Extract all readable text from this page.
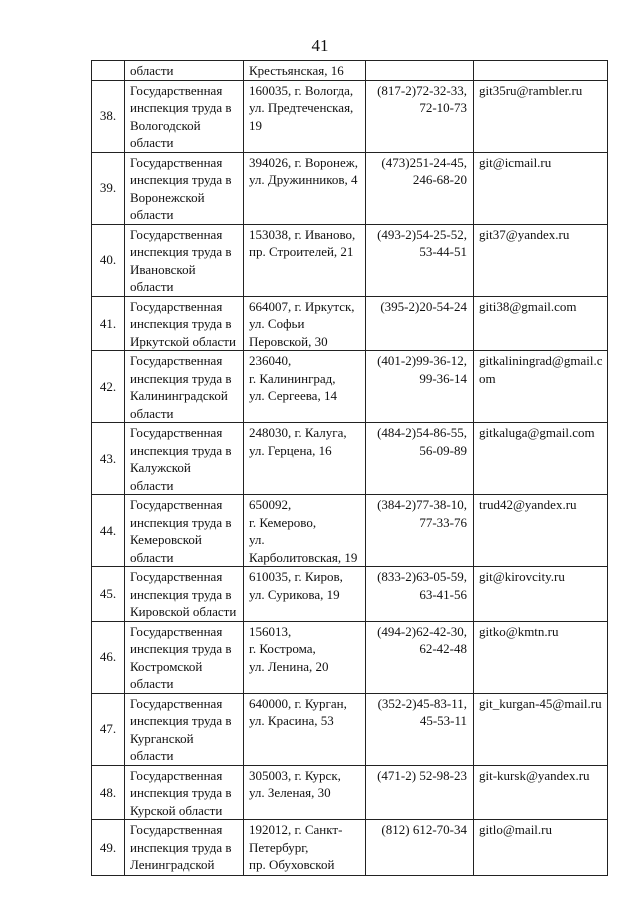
41

	области	Крестьянская, 16		

38.	Государственная
инспекция труда в
Вологодской
области	160035, г. Вологда,
ул. Предтеченская,
19	(817-2)72-32-33,
72-10-73	git35ru@rambler.ru

39.	Государственная
инспекция труда в
Воронежской
области	394026, г. Воронеж,
ул. Дружинников, 4	(473)251-24-45,
246-68-20	git@icmail.ru

40.	Государственная
инспекция труда в
Ивановской
области	153038, г. Иваново,
пр. Строителей, 21	(493-2)54-25-52,
53-44-51	git37@yandex.ru

41.	Государственная
инспекция труда в
Иркутской области	664007, г. Иркутск,
ул. Софьи
Перовской, 30	(395-2)20-54-24	giti38@gmail.com

42.	Государственная
инспекция труда в
Калининградской
области	236040,
г. Калининград,
ул. Сергеева, 14	(401-2)99-36-12,
99-36-14	gitkaliningrad@gmail.c
om

43.	Государственная
инспекция труда в
Калужской
области	248030, г. Калуга,
ул. Герцена, 16	(484-2)54-86-55,
56-09-89	gitkaluga@gmail.com

44.	Государственная
инспекция труда в
Кемеровской
области	650092,
г. Кемерово,
ул.
Карболитовская, 19	(384-2)77-38-10,
77-33-76	trud42@yandex.ru

45.	Государственная
инспекция труда в
Кировской области	610035, г. Киров,
ул. Сурикова, 19	(833-2)63-05-59,
63-41-56	git@kirovcity.ru

46.	Государственная
инспекция труда в
Костромской
области	156013,
г. Кострома,
ул. Ленина, 20	(494-2)62-42-30,
62-42-48	gitko@kmtn.ru

47.	Государственная
инспекция труда в
Курганской
области	640000, г. Курган,
ул. Красина, 53	(352-2)45-83-11,
45-53-11	git_kurgan-45@mail.ru

48.	Государственная
инспекция труда в
Курской области	305003, г. Курск,
ул. Зеленая, 30	(471-2) 52-98-23	git-kursk@yandex.ru

49.	Государственная
инспекция труда в
Ленинградской	192012, г. Санкт-
Петербург,
пр. Обуховской	(812) 612-70-34	gitlo@mail.ru
